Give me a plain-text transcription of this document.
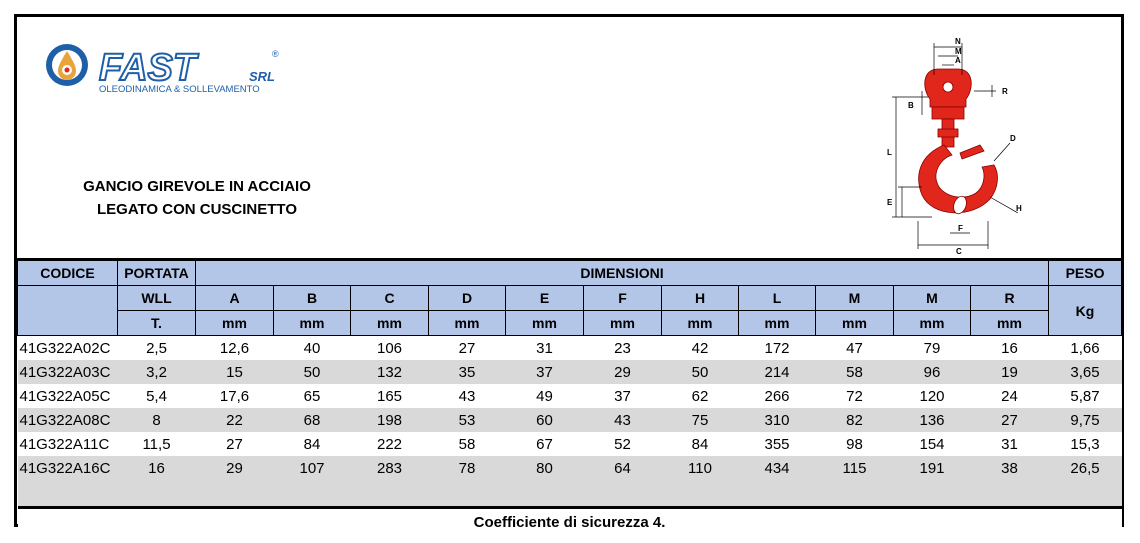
FAST	SRL
®
OLEODINAMICA & SOLLEVAMENTO
GANCIO GIREVOLE IN ACCIAIO
LEGATO CON CUSCINETTO
N
M
A
R
B
L
D
E
H
F
C
CODICE	PORTATA	DIMENSIONI											PESO
	WLL	A	B	C	D	E	F	H	L	M	M	R	Kg
	T.	mm	mm	mm	mm	mm	mm	mm	mm	mm	mm	mm	
41G322A02C	2,5	12,6	40	106	27	31	23	42	172	47	79	16	1,66
41G322A03C	3,2	15	50	132	35	37	29	50	214	58	96	19	3,65
41G322A05C	5,4	17,6	65	165	43	49	37	62	266	72	120	24	5,87
41G322A08C	8	22	68	198	53	60	43	75	310	82	136	27	9,75
41G322A11C	11,5	27	84	222	58	67	52	84	355	98	154	31	15,3
41G322A16C	16	29	107	283	78	80	64	110	434	115	191	38	26,5

Coefficiente di sicurezza 4.													
